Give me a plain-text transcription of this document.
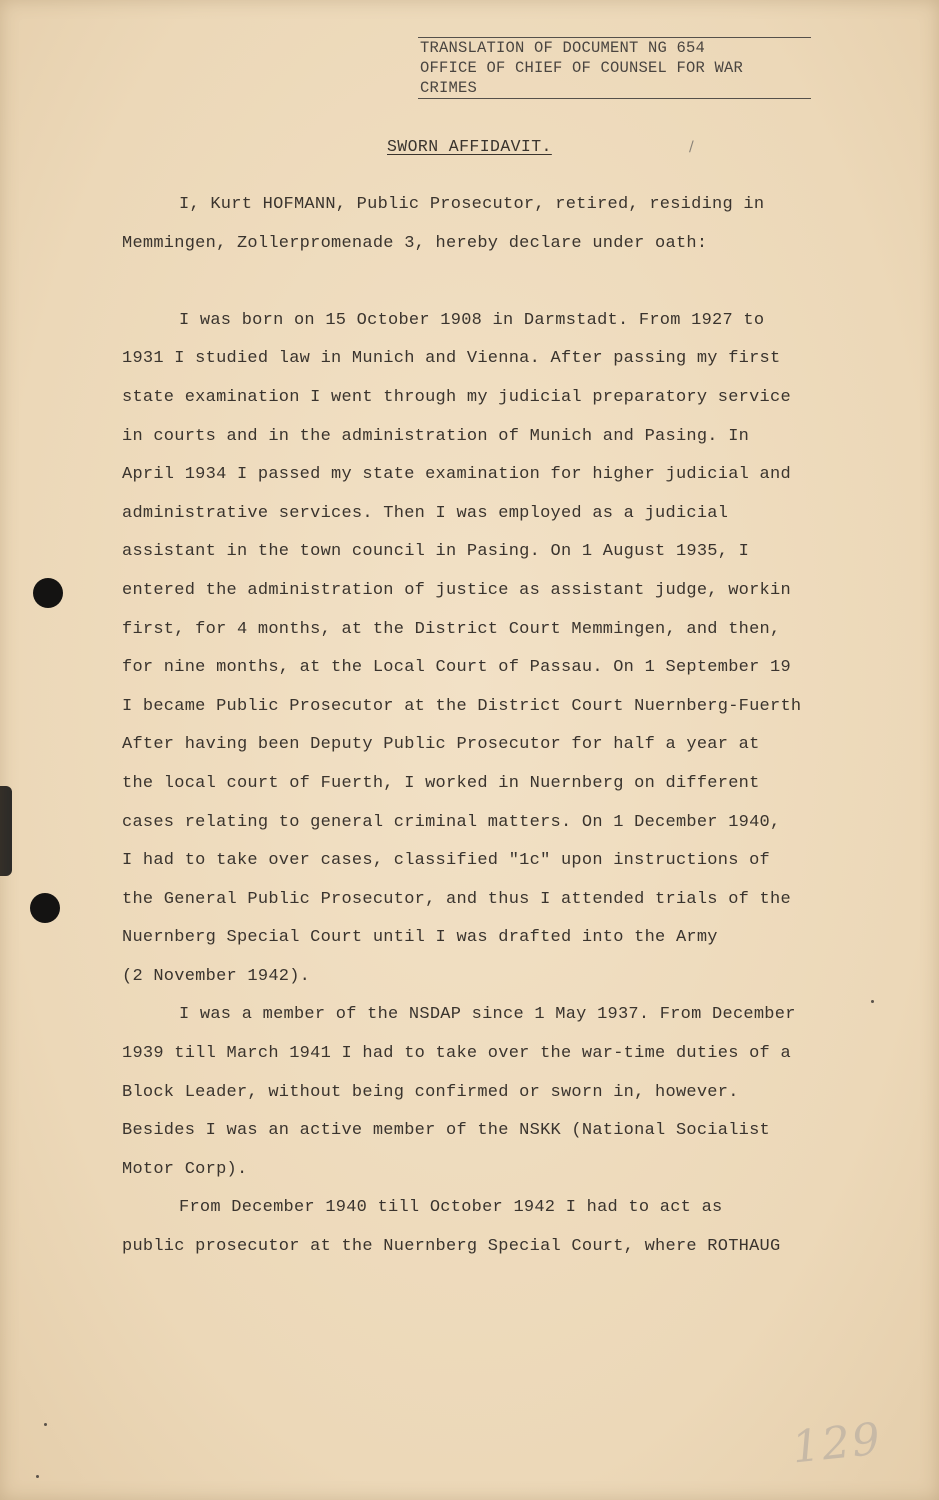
TRANSLATION OF DOCUMENT NG 654
OFFICE OF CHIEF OF COUNSEL FOR WAR
CRIMES
SWORN AFFIDAVIT.	/
I, Kurt HOFMANN, Public Prosecutor, retired, residing in
Memmingen, Zollerpromenade 3, hereby declare under oath:
I was born on 15 October 1908 in Darmstadt. From 1927 to
1931 I studied law in Munich and Vienna. After passing my first
state examination I went through my judicial preparatory service
in courts and in the administration of Munich and Pasing. In
April 1934 I passed my state examination for higher judicial and
administrative services. Then I was employed as a judicial
assistant in the town council in Pasing. On 1 August 1935, I
entered the administration of justice as assistant judge, workin
first, for 4 months, at the District Court Memmingen, and then,
for nine months, at the Local Court of Passau. On 1 September 19
I became Public Prosecutor at the District Court Nuernberg-Fuerth
After having been Deputy Public Prosecutor for half a year at
the local court of Fuerth, I worked in Nuernberg on different
cases relating to general criminal matters. On 1 December 1940,
I had to take over cases, classified "1c" upon instructions of
the General Public Prosecutor, and thus I attended trials of the
Nuernberg Special Court until I was drafted into the Army
(2 November 1942).
I was a member of the NSDAP since 1 May 1937. From December
1939 till March 1941 I had to take over the war-time duties of a
Block Leader, without being confirmed or sworn in, however.
Besides I was an active member of the NSKK (National Socialist
Motor Corp).
From December 1940 till October 1942 I had to act as
public prosecutor at the Nuernberg Special Court, where ROTHAUG
129
